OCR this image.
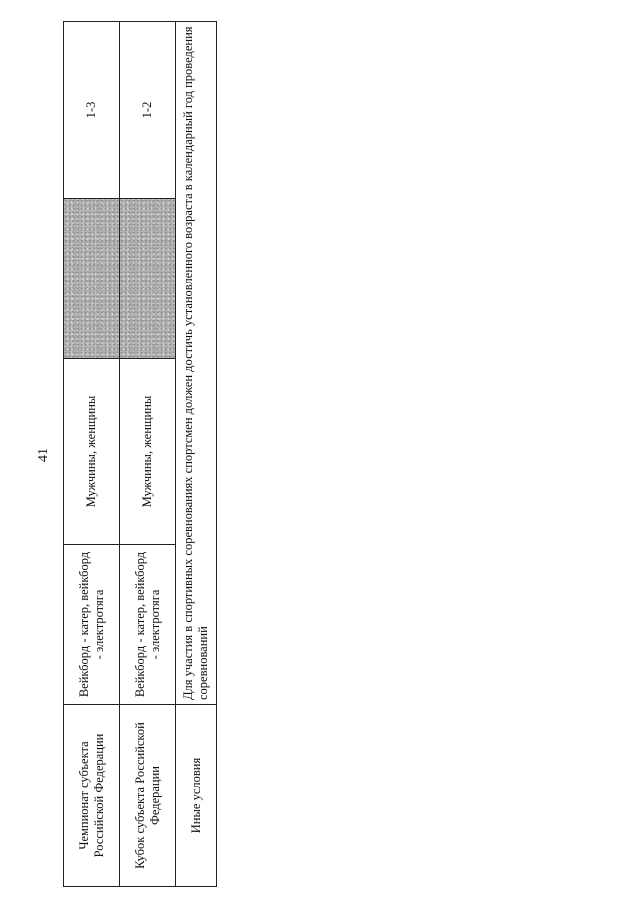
41
Чемпионат субъекта Российской Федерации	Вейкборд - катер, вейкборд - электротяга	Мужчины, женщины		1-3
Кубок субъекта Российской Федерации	Вейкборд - катер, вейкборд - электротяга	Мужчины, женщины		1-2
Иные условия	Для участия в спортивных соревнованиях спортсмен должен достичь установленного возраста в календарный год проведения соревнований			
